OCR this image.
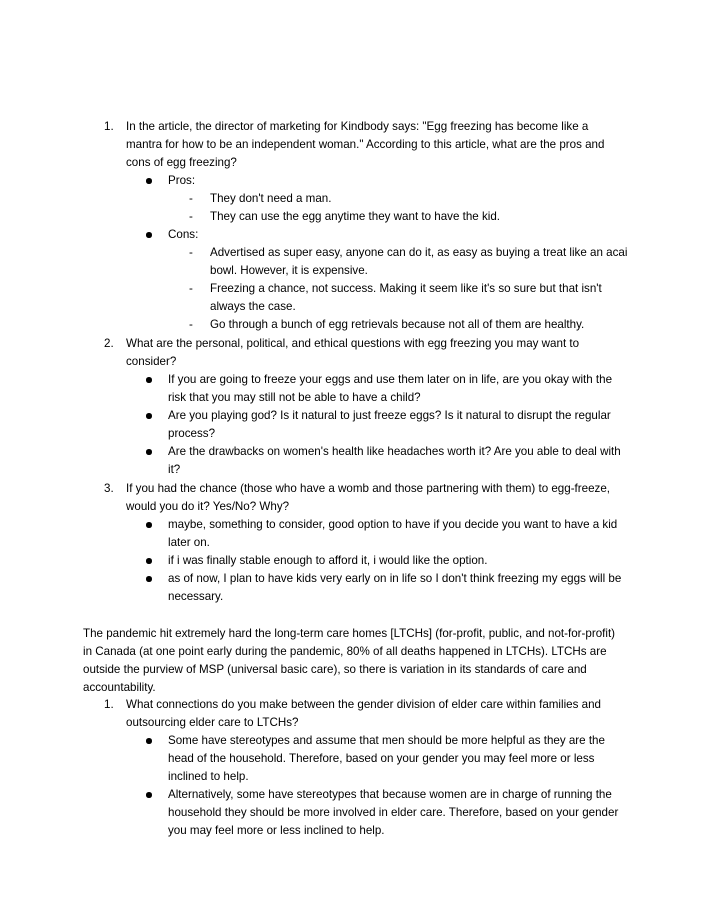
1. In the article, the director of marketing for Kindbody says: "Egg freezing has become like a
mantra for how to be an independent woman." According to this article, what are the pros and
cons of egg freezing?
Pros:
- They don't need a man.
- They can use the egg anytime they want to have the kid.
Cons:
- Advertised as super easy, anyone can do it, as easy as buying a treat like an acai
bowl. However, it is expensive.
- Freezing a chance, not success. Making it seem like it's so sure but that isn't
always the case.
- Go through a bunch of egg retrievals because not all of them are healthy.
2. What are the personal, political, and ethical questions with egg freezing you may want to
consider?
If you are going to freeze your eggs and use them later on in life, are you okay with the
risk that you may still not be able to have a child?
Are you playing god? Is it natural to just freeze eggs? Is it natural to disrupt the regular
process?
Are the drawbacks on women's health like headaches worth it? Are you able to deal with
it?
3. If you had the chance (those who have a womb and those partnering with them) to egg-freeze,
would you do it? Yes/No? Why?
maybe, something to consider, good option to have if you decide you want to have a kid
later on.
if i was finally stable enough to afford it, i would like the option.
as of now, I plan to have kids very early on in life so I don't think freezing my eggs will be
necessary.
The pandemic hit extremely hard the long-term care homes [LTCHs] (for-profit, public, and not-for-profit)
in Canada (at one point early during the pandemic, 80% of all deaths happened in LTCHs). LTCHs are
outside the purview of MSP (universal basic care), so there is variation in its standards of care and
accountability.
1. What connections do you make between the gender division of elder care within families and
outsourcing elder care to LTCHs?
Some have stereotypes and assume that men should be more helpful as they are the
head of the household. Therefore, based on your gender you may feel more or less
inclined to help.
Alternatively, some have stereotypes that because women are in charge of running the
household they should be more involved in elder care. Therefore, based on your gender
you may feel more or less inclined to help.
